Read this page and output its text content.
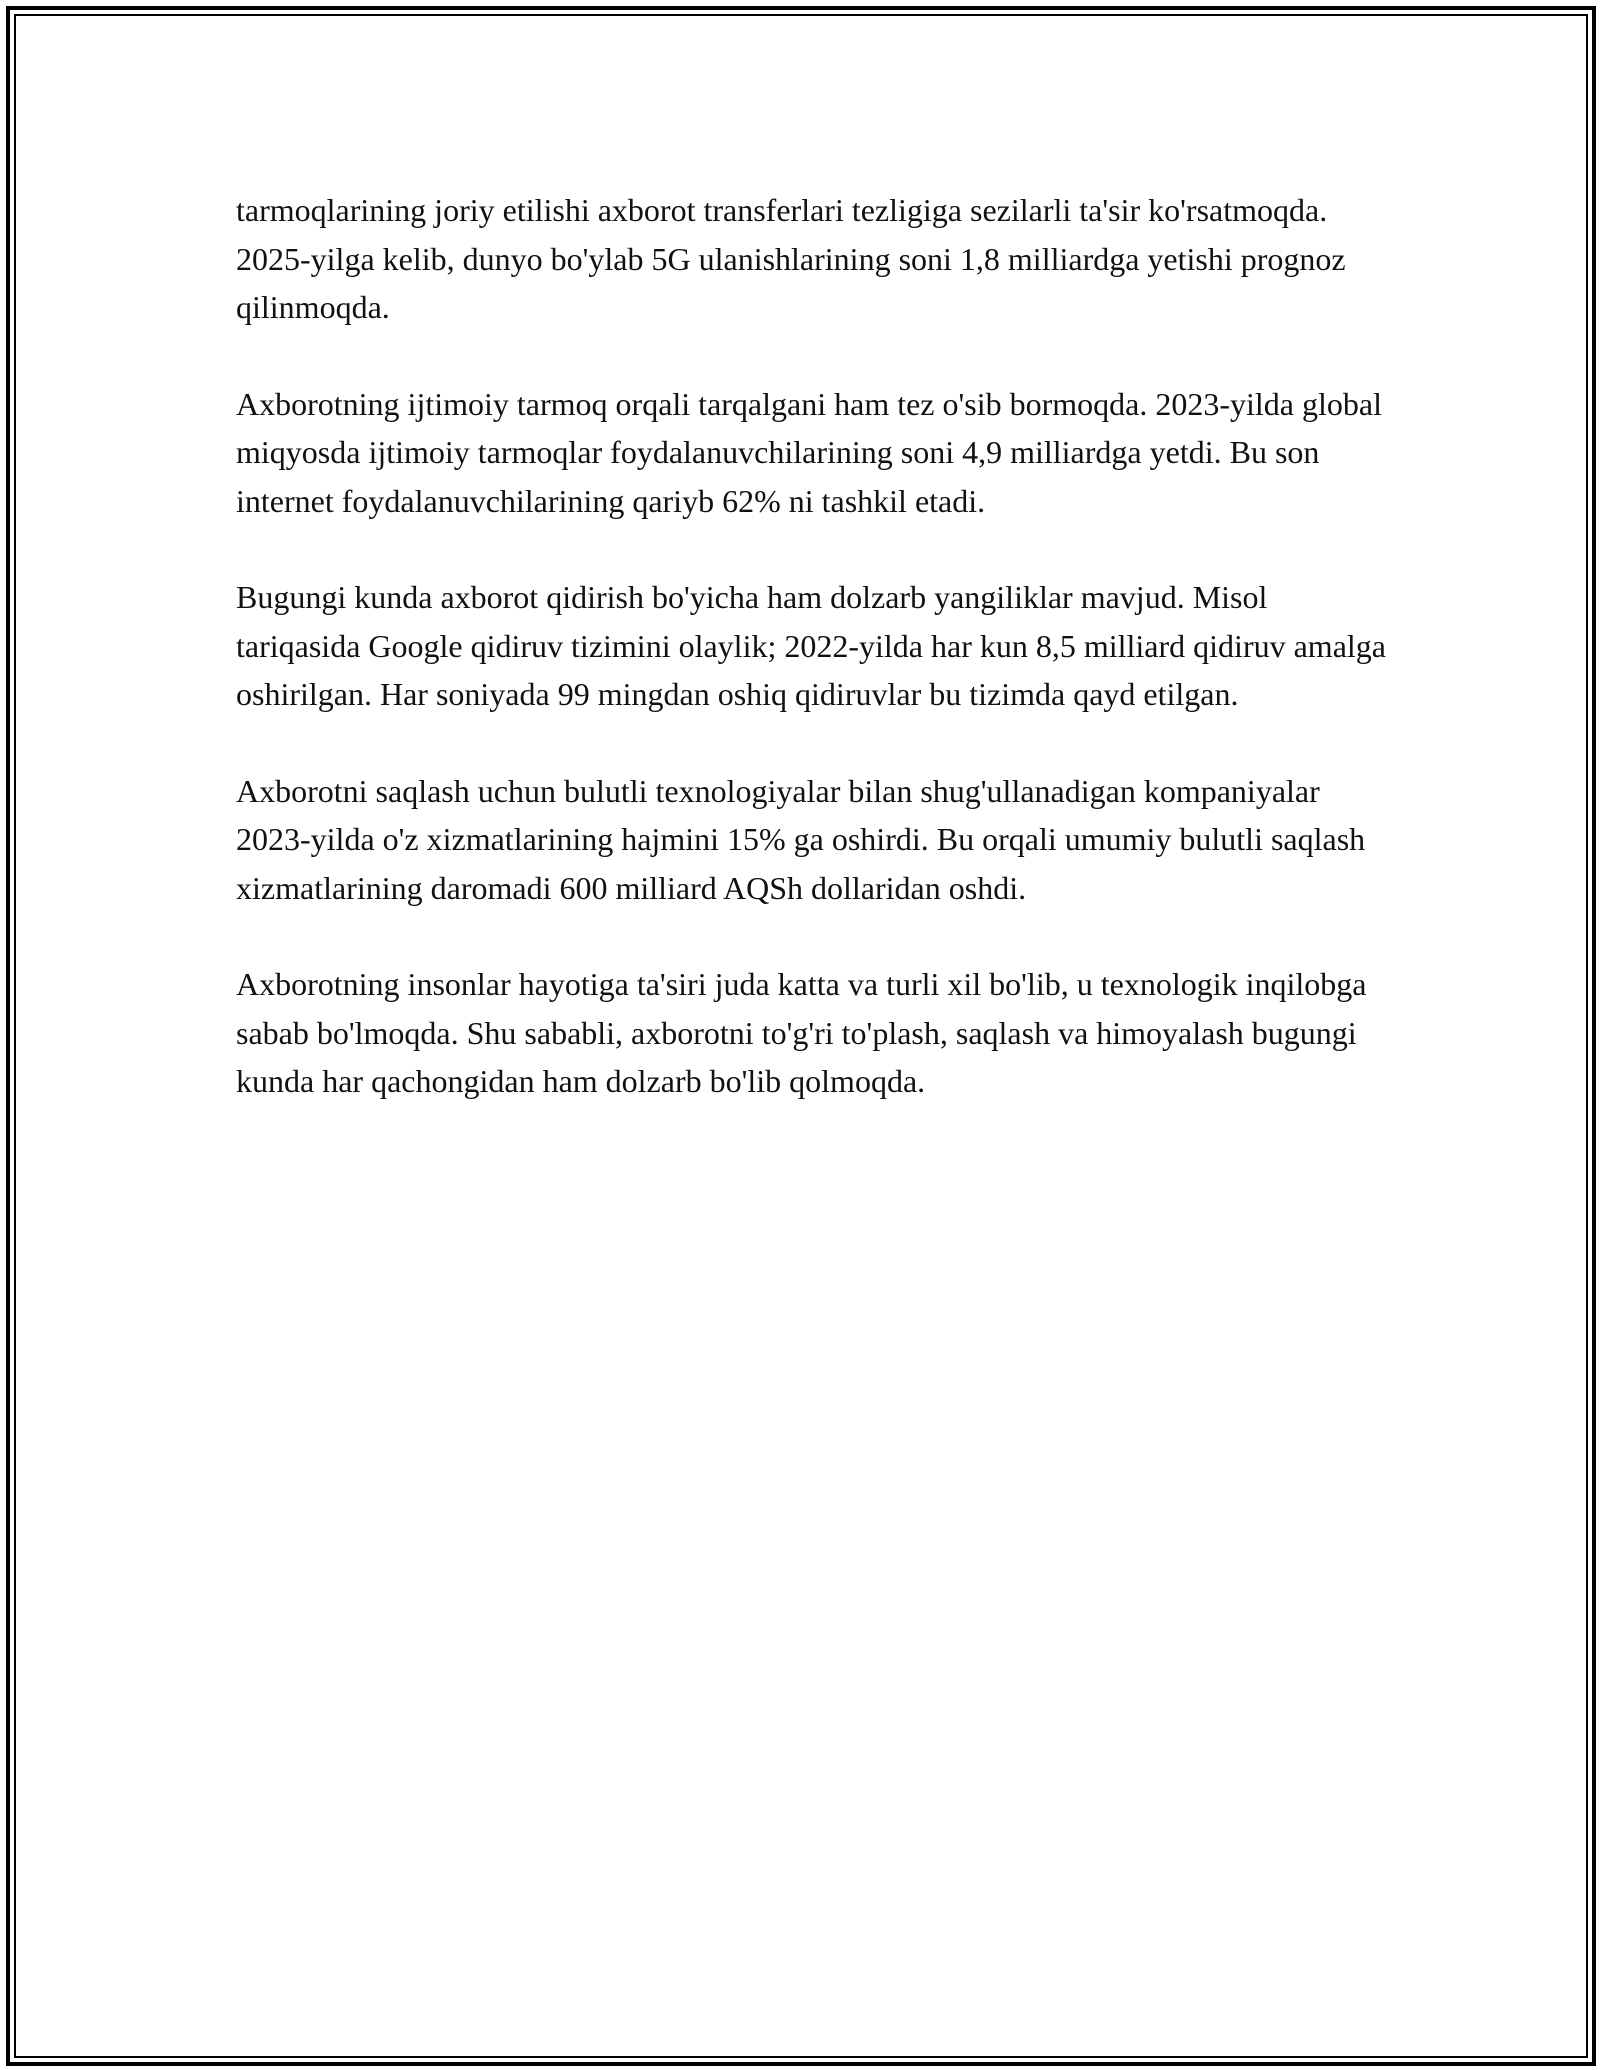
tarmoqlarining joriy etilishi axborot transferlari tezligiga sezilarli ta'sir ko'rsatmoqda. 2025-yilga kelib, dunyo bo'ylab 5G ulanishlarining soni 1,8 milliardga yetishi prognoz qilinmoqda.

Axborotning ijtimoiy tarmoq orqali tarqalgani ham tez o'sib bormoqda. 2023-yilda global miqyosda ijtimoiy tarmoqlar foydalanuvchilarining soni 4,9 milliardga yetdi. Bu son internet foydalanuvchilarining qariyb 62% ni tashkil etadi.

Bugungi kunda axborot qidirish bo'yicha ham dolzarb yangiliklar mavjud. Misol tariqasida Google qidiruv tizimini olaylik; 2022-yilda har kun 8,5 milliard qidiruv amalga oshirilgan. Har soniyada 99 mingdan oshiq qidiruvlar bu tizimda qayd etilgan.

Axborotni saqlash uchun bulutli texnologiyalar bilan shug'ullanadigan kompaniyalar 2023-yilda o'z xizmatlarining hajmini 15% ga oshirdi. Bu orqali umumiy bulutli saqlash xizmatlarining daromadi 600 milliard AQSh dollaridan oshdi.

Axborotning insonlar hayotiga ta'siri juda katta va turli xil bo'lib, u texnologik inqilobga sabab bo'lmoqda. Shu sababli, axborotni to'g'ri to'plash, saqlash va himoyalash bugungi kunda har qachongidan ham dolzarb bo'lib qolmoqda.
